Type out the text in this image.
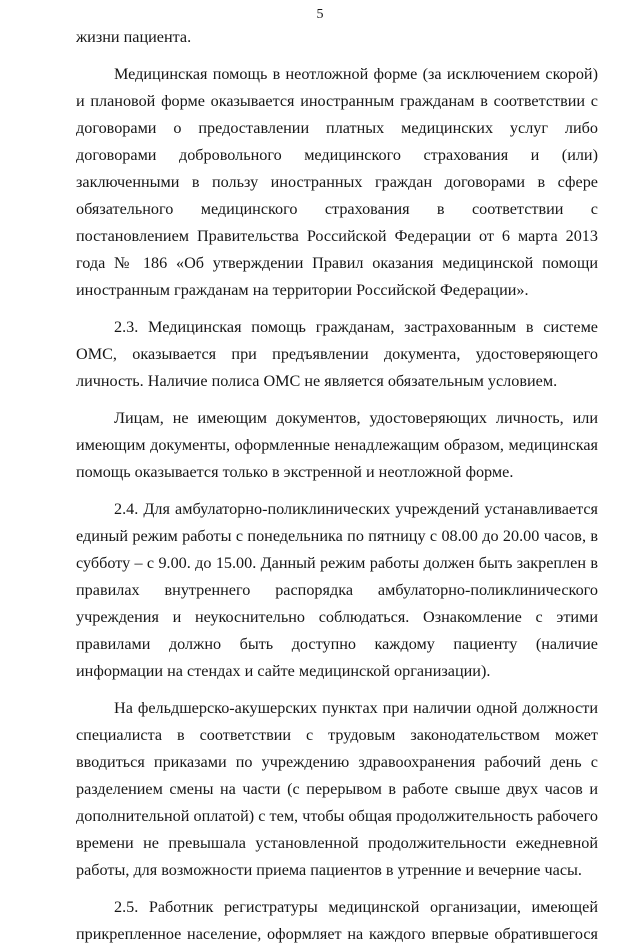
5

жизни пациента.

Медицинская помощь в неотложной форме (за исключением скорой) и плановой форме оказывается иностранным гражданам в соответствии с договорами о предоставлении платных медицинских услуг либо договорами добровольного медицинского страхования и (или) заключенными в пользу иностранных граждан договорами в сфере обязательного медицинского страхования в соответствии с постановлением Правительства Российской Федерации от 6 марта 2013 года № 186 «Об утверждении Правил оказания медицинской помощи иностранным гражданам на территории Российской Федерации».

2.3. Медицинская помощь гражданам, застрахованным в системе ОМС, оказывается при предъявлении документа, удостоверяющего личность. Наличие полиса ОМС не является обязательным условием.

Лицам, не имеющим документов, удостоверяющих личность, или имеющим документы, оформленные ненадлежащим образом, медицинская помощь оказывается только в экстренной и неотложной форме.

2.4. Для амбулаторно-поликлинических учреждений устанавливается единый режим работы с понедельника по пятницу с 08.00 до 20.00 часов, в субботу – с 9.00. до 15.00. Данный режим работы должен быть закреплен в правилах внутреннего распорядка амбулаторно-поликлинического учреждения и неукоснительно соблюдаться. Ознакомление с этими правилами должно быть доступно каждому пациенту (наличие информации на стендах и сайте медицинской организации).

На фельдшерско-акушерских пунктах при наличии одной должности специалиста в соответствии с трудовым законодательством может вводиться приказами по учреждению здравоохранения рабочий день с разделением смены на части (с перерывом в работе свыше двух часов и дополнительной оплатой) с тем, чтобы общая продолжительность рабочего времени не превышала установленной продолжительности ежедневной работы, для возможности приема пациентов в утренние и вечерние часы.

2.5. Работник регистратуры медицинской организации, имеющей прикрепленное население, оформляет на каждого впервые обратившегося
